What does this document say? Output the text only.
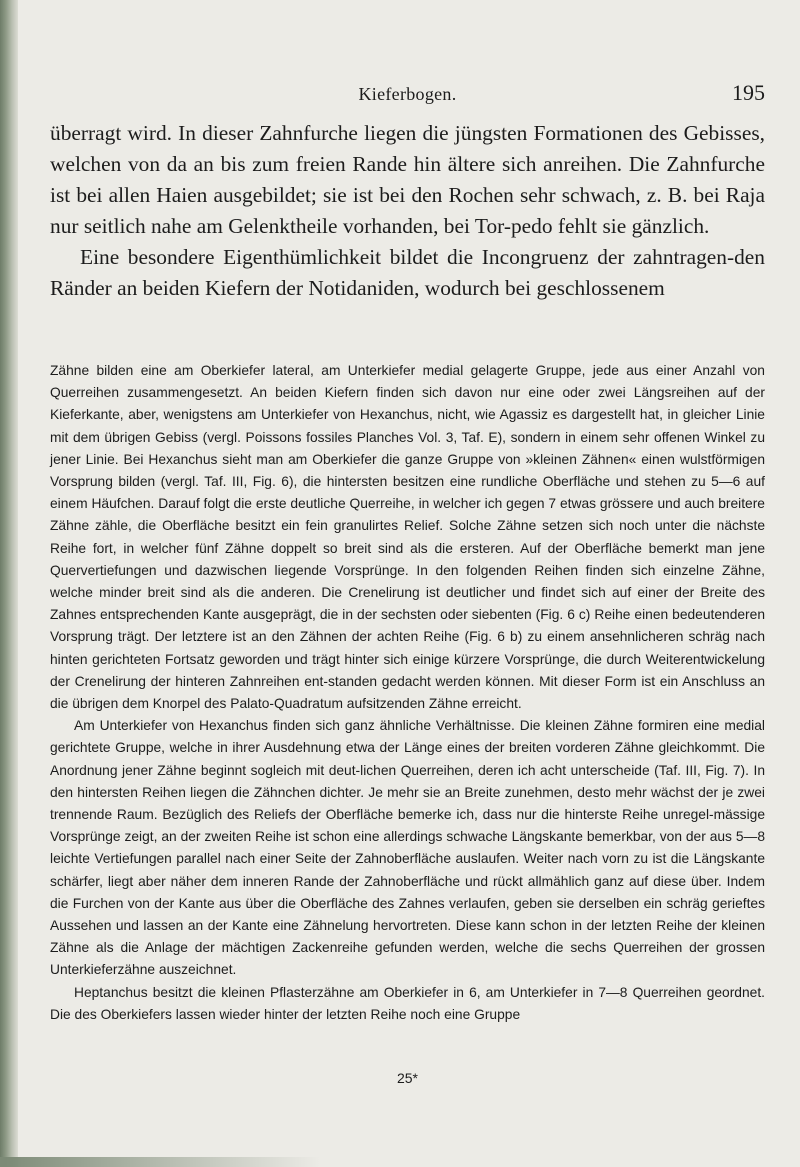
Kieferbogen.	195

überragt wird. In dieser Zahnfurche liegen die jüngsten Formationen des Gebisses, welchen von da an bis zum freien Rande hin ältere sich anreihen. Die Zahnfurche ist bei allen Haien ausgebildet; sie ist bei den Rochen sehr schwach, z. B. bei Raja nur seitlich nahe am Gelenktheile vorhanden, bei Tor-pedo fehlt sie gänzlich.

Eine besondere Eigenthümlichkeit bildet die Incongruenz der zahntragen-den Ränder an beiden Kiefern der Notidaniden, wodurch bei geschlossenem

Zähne bilden eine am Oberkiefer lateral, am Unterkiefer medial gelagerte Gruppe, jede aus einer Anzahl von Querreihen zusammengesetzt. An beiden Kiefern finden sich davon nur eine oder zwei Längsreihen auf der Kieferkante, aber, wenigstens am Unterkiefer von Hexanchus, nicht, wie Agassiz es dargestellt hat, in gleicher Linie mit dem übrigen Gebiss (vergl. Poissons fossiles Planches Vol. 3, Taf. E), sondern in einem sehr offenen Winkel zu jener Linie. Bei Hexanchus sieht man am Oberkiefer die ganze Gruppe von »kleinen Zähnen« einen wulstförmigen Vorsprung bilden (vergl. Taf. III, Fig. 6), die hintersten besitzen eine rundliche Oberfläche und stehen zu 5—6 auf einem Häufchen. Darauf folgt die erste deutliche Querreihe, in welcher ich gegen 7 etwas grössere und auch breitere Zähne zähle, die Oberfläche besitzt ein fein granulirtes Relief. Solche Zähne setzen sich noch unter die nächste Reihe fort, in welcher fünf Zähne doppelt so breit sind als die ersteren. Auf der Oberfläche bemerkt man jene Quervertiefungen und dazwischen liegende Vorsprünge. In den folgenden Reihen finden sich einzelne Zähne, welche minder breit sind als die anderen. Die Crenelirung ist deutlicher und findet sich auf einer der Breite des Zahnes entsprechenden Kante ausgeprägt, die in der sechsten oder siebenten (Fig. 6 c) Reihe einen bedeutenderen Vorsprung trägt. Der letztere ist an den Zähnen der achten Reihe (Fig. 6 b) zu einem ansehnlicheren schräg nach hinten gerichteten Fortsatz geworden und trägt hinter sich einige kürzere Vorsprünge, die durch Weiterentwickelung der Crenelirung der hinteren Zahnreihen ent-standen gedacht werden können. Mit dieser Form ist ein Anschluss an die übrigen dem Knorpel des Palato-Quadratum aufsitzenden Zähne erreicht.

Am Unterkiefer von Hexanchus finden sich ganz ähnliche Verhältnisse. Die kleinen Zähne formiren eine medial gerichtete Gruppe, welche in ihrer Ausdehnung etwa der Länge eines der breiten vorderen Zähne gleichkommt. Die Anordnung jener Zähne beginnt sogleich mit deut-lichen Querreihen, deren ich acht unterscheide (Taf. III, Fig. 7). In den hintersten Reihen liegen die Zähnchen dichter. Je mehr sie an Breite zunehmen, desto mehr wächst der je zwei trennende Raum. Bezüglich des Reliefs der Oberfläche bemerke ich, dass nur die hinterste Reihe unregel-mässige Vorsprünge zeigt, an der zweiten Reihe ist schon eine allerdings schwache Längskante bemerkbar, von der aus 5—8 leichte Vertiefungen parallel nach einer Seite der Zahnoberfläche auslaufen. Weiter nach vorn zu ist die Längskante schärfer, liegt aber näher dem inneren Rande der Zahnoberfläche und rückt allmählich ganz auf diese über. Indem die Furchen von der Kante aus über die Oberfläche des Zahnes verlaufen, geben sie derselben ein schräg gerieftes Aussehen und lassen an der Kante eine Zähnelung hervortreten. Diese kann schon in der letzten Reihe der kleinen Zähne als die Anlage der mächtigen Zackenreihe gefunden werden, welche die sechs Querreihen der grossen Unterkieferzähne auszeichnet.

Heptanchus besitzt die kleinen Pflasterzähne am Oberkiefer in 6, am Unterkiefer in 7—8 Querreihen geordnet. Die des Oberkiefers lassen wieder hinter der letzten Reihe noch eine Gruppe

25*
